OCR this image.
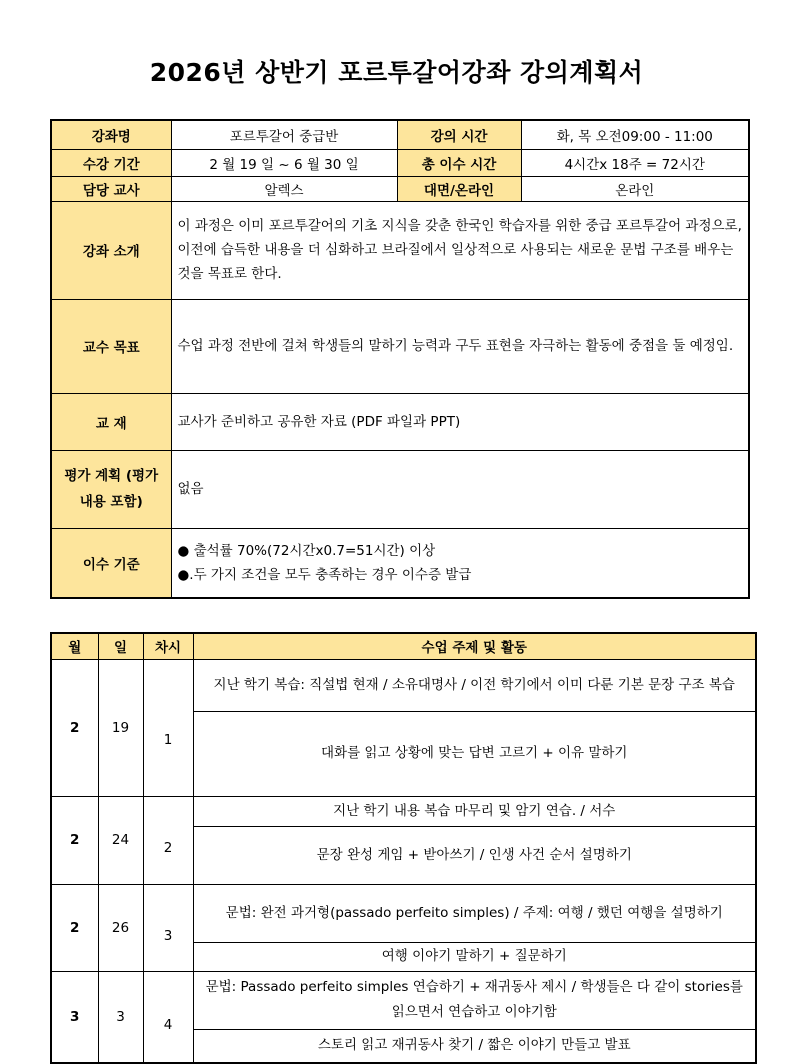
2026년 상반기 포르투갈어강좌 강의계획서
강좌명	포르투갈어 중급반	강의 시간	화, 목 오전09:00 - 11:00
수강 기간	2 월 19 일 ~ 6 월 30 일	총 이수 시간	4시간x 18주 = 72시간
담당 교사	알렉스	대면/온라인	온라인
강좌 소개	이 과정은 이미 포르투갈어의 기초 지식을 갖춘 한국인 학습자를 위한 중급 포르투갈어 과정으로,
이전에 습득한 내용을 더 심화하고 브라질에서 일상적으로 사용되는 새로운 문법 구조를 배우는 것을 목표로 한다.		

교수 목표	수업 과정 전반에 걸쳐 학생들의 말하기 능력과 구두 표현을 자극하는 활동에 중점을 둘 예정임.		
교 재	교사가 준비하고 공유한 자료 (PDF 파일과 PPT)		
평가 계획 (평가 내용 포함)	없음		
이수 기준	● 출석률 70%(72시간x0.7=51시간) 이상
●.두 가지 조건을 모두 충족하는 경우 이수증 발급		
월	일	차시	수업 주제 및 활동
2	19	1	지난 학기 복습: 직설법 현재 / 소유대명사 / 이전 학기에서 이미 다룬 기본 문장 구조 복습
			대화를 읽고 상황에 맞는 답변 고르기 + 이유 말하기
2	24	2	지난 학기 내용 복습 마무리 및 암기 연습. / 서수
			문장 완성 게임 + 받아쓰기 / 인생 사건 순서 설명하기
2	26	3	문법: 완전 과거형(passado perfeito simples) / 주제: 여행 / 했던 여행을 설명하기
			여행 이야기 말하기 + 질문하기
3	3	4	문법: Passado perfeito simples 연습하기 + 재귀동사 제시 / 학생들은 다 같이 stories를 읽으면서 연습하고 이야기함
			스토리 읽고 재귀동사 찾기 / 짧은 이야기 만들고 발표
